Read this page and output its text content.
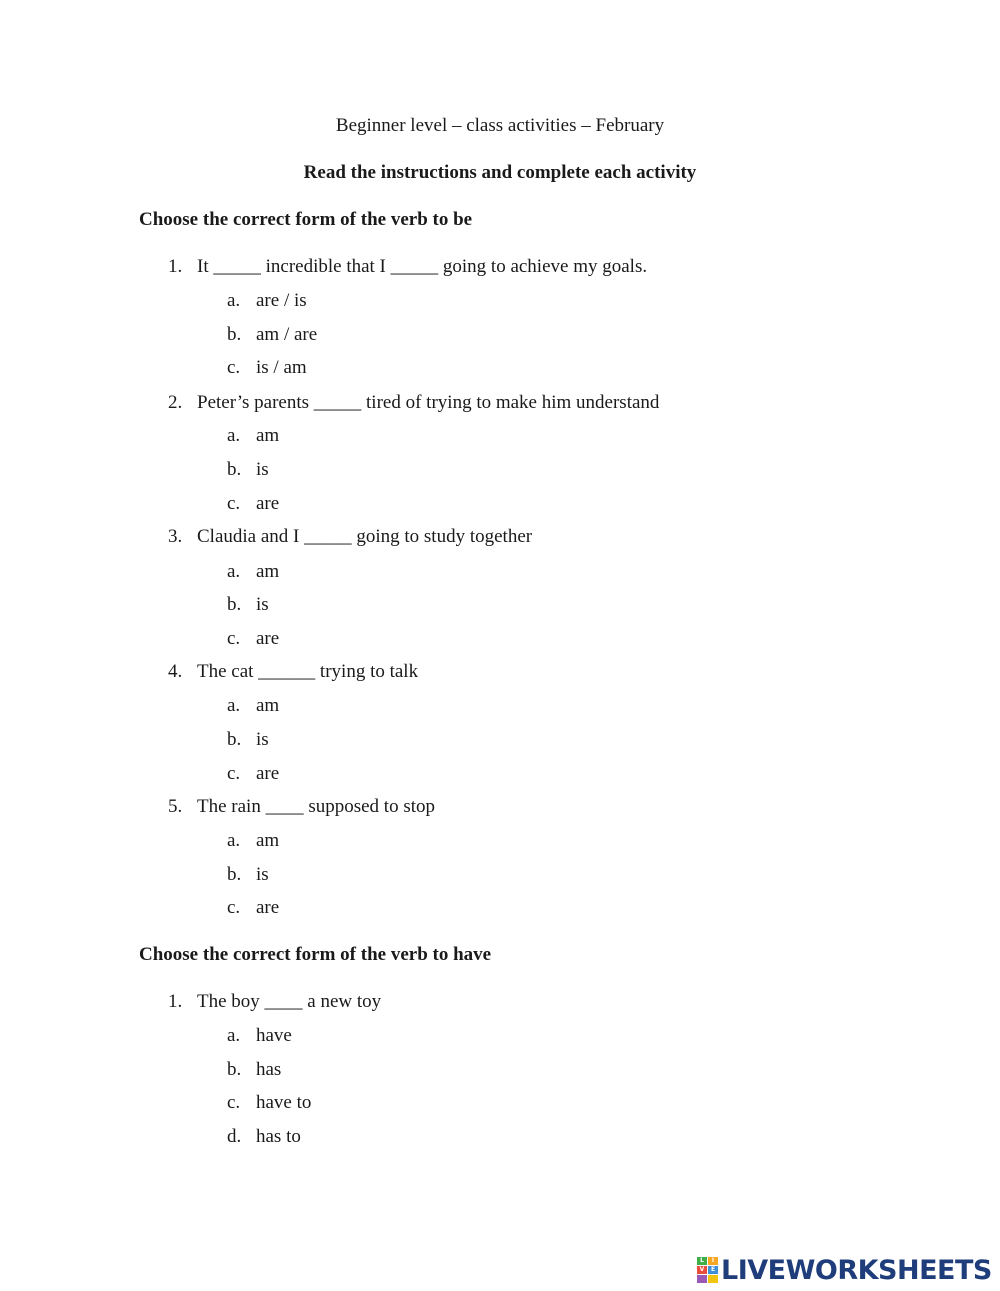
Beginner level – class activities – February
Read the instructions and complete each activity
Choose the correct form of the verb to be
1. It _____ incredible that I _____ going to achieve my goals.
a. are / is
b. am / are
c. is / am
2. Peter’s parents _____ tired of trying to make him understand
a. am
b. is
c. are
3. Claudia and I _____ going to study together
a. am
b. is
c. are
4. The cat ______ trying to talk
a. am
b. is
c. are
5. The rain ____ supposed to stop
a. am
b. is
c. are
Choose the correct form of the verb to have
1. The boy ____ a new toy
a. have
b. has
c. have to
d. has to
L	I
V	E LIVEWORKSHEETS
